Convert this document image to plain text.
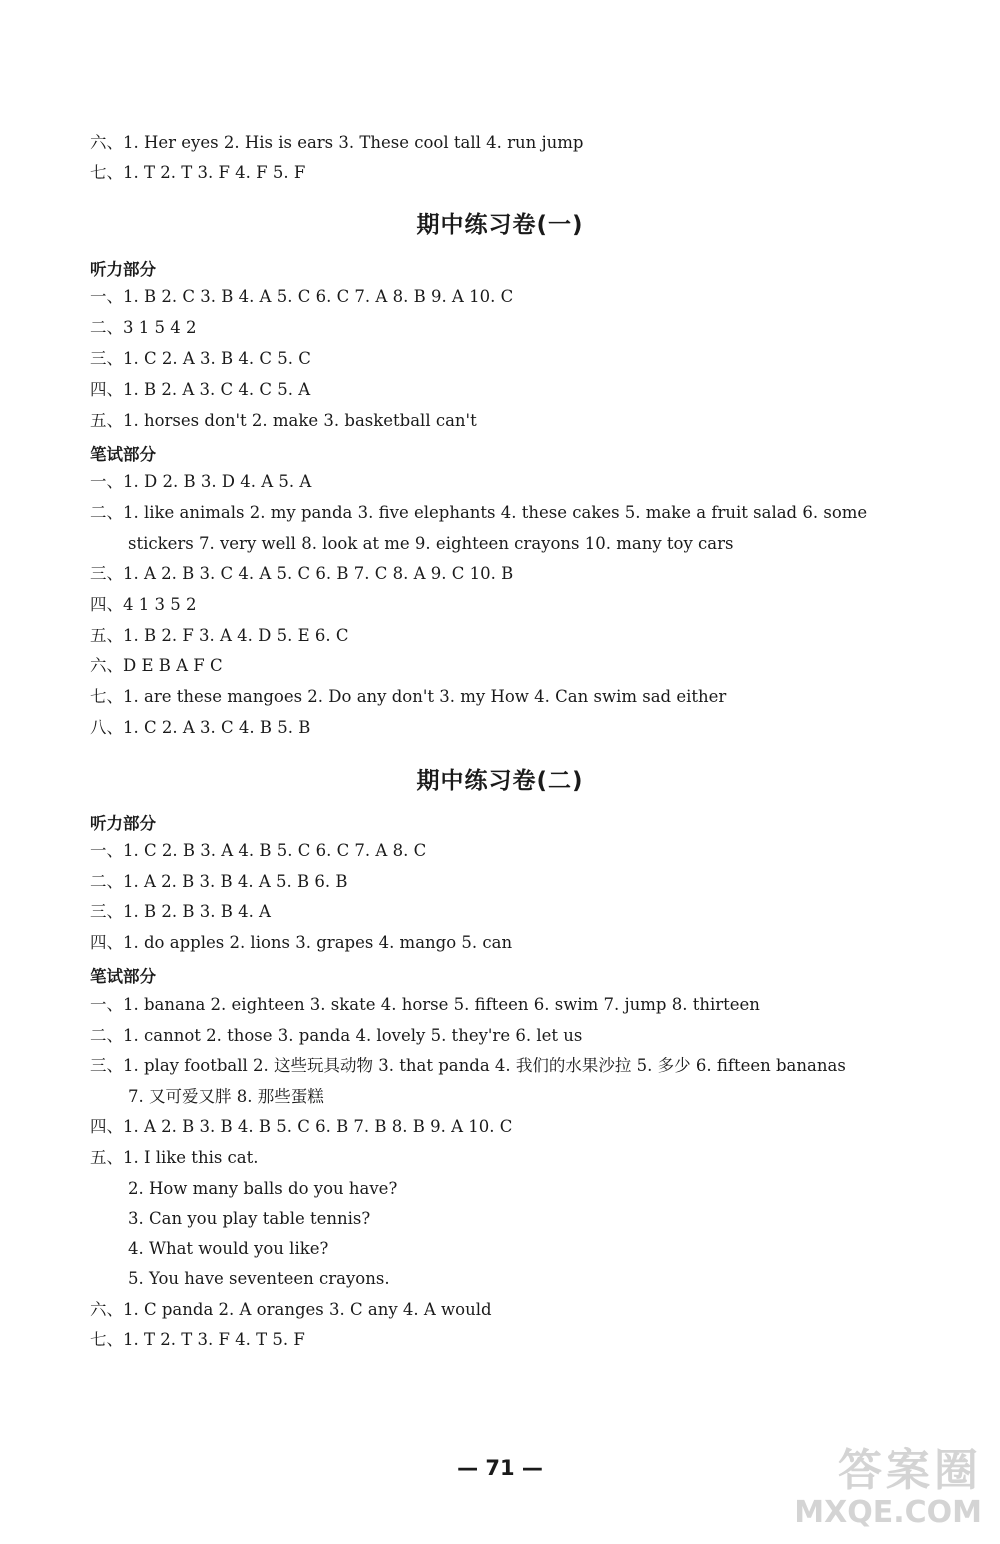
六、1. Her eyes 2. His is ears 3. These cool tall 4. run jump
七、1. T 2. T 3. F 4. F 5. F
期中练习卷(一)
听力部分
一、1. B 2. C 3. B 4. A 5. C 6. C 7. A 8. B 9. A 10. C
二、3 1 5 4 2
三、1. C 2. A 3. B 4. C 5. C
四、1. B 2. A 3. C 4. C 5. A
五、1. horses don't 2. make 3. basketball can't
笔试部分
一、1. D 2. B 3. D 4. A 5. A
二、1. like animals 2. my panda 3. five elephants 4. these cakes 5. make a fruit salad 6. some
stickers 7. very well 8. look at me 9. eighteen crayons 10. many toy cars
三、1. A 2. B 3. C 4. A 5. C 6. B 7. C 8. A 9. C 10. B
四、4 1 3 5 2
五、1. B 2. F 3. A 4. D 5. E 6. C
六、D E B A F C
七、1. are these mangoes 2. Do any don't 3. my How 4. Can swim sad either
八、1. C 2. A 3. C 4. B 5. B
期中练习卷(二)
听力部分
一、1. C 2. B 3. A 4. B 5. C 6. C 7. A 8. C
二、1. A 2. B 3. B 4. A 5. B 6. B
三、1. B 2. B 3. B 4. A
四、1. do apples 2. lions 3. grapes 4. mango 5. can
笔试部分
一、1. banana 2. eighteen 3. skate 4. horse 5. fifteen 6. swim 7. jump 8. thirteen
二、1. cannot 2. those 3. panda 4. lovely 5. they're 6. let us
三、1. play football 2. 这些玩具动物 3. that panda 4. 我们的水果沙拉 5. 多少 6. fifteen bananas
7. 又可爱又胖 8. 那些蛋糕
四、1. A 2. B 3. B 4. B 5. C 6. B 7. B 8. B 9. A 10. C
五、1. I like this cat.
2. How many balls do you have?
3. Can you play table tennis?
4. What would you like?
5. You have seventeen crayons.
六、1. C panda 2. A oranges 3. C any 4. A would
七、1. T 2. T 3. F 4. T 5. F
— 71 —	答案圈
MXQE.COM
